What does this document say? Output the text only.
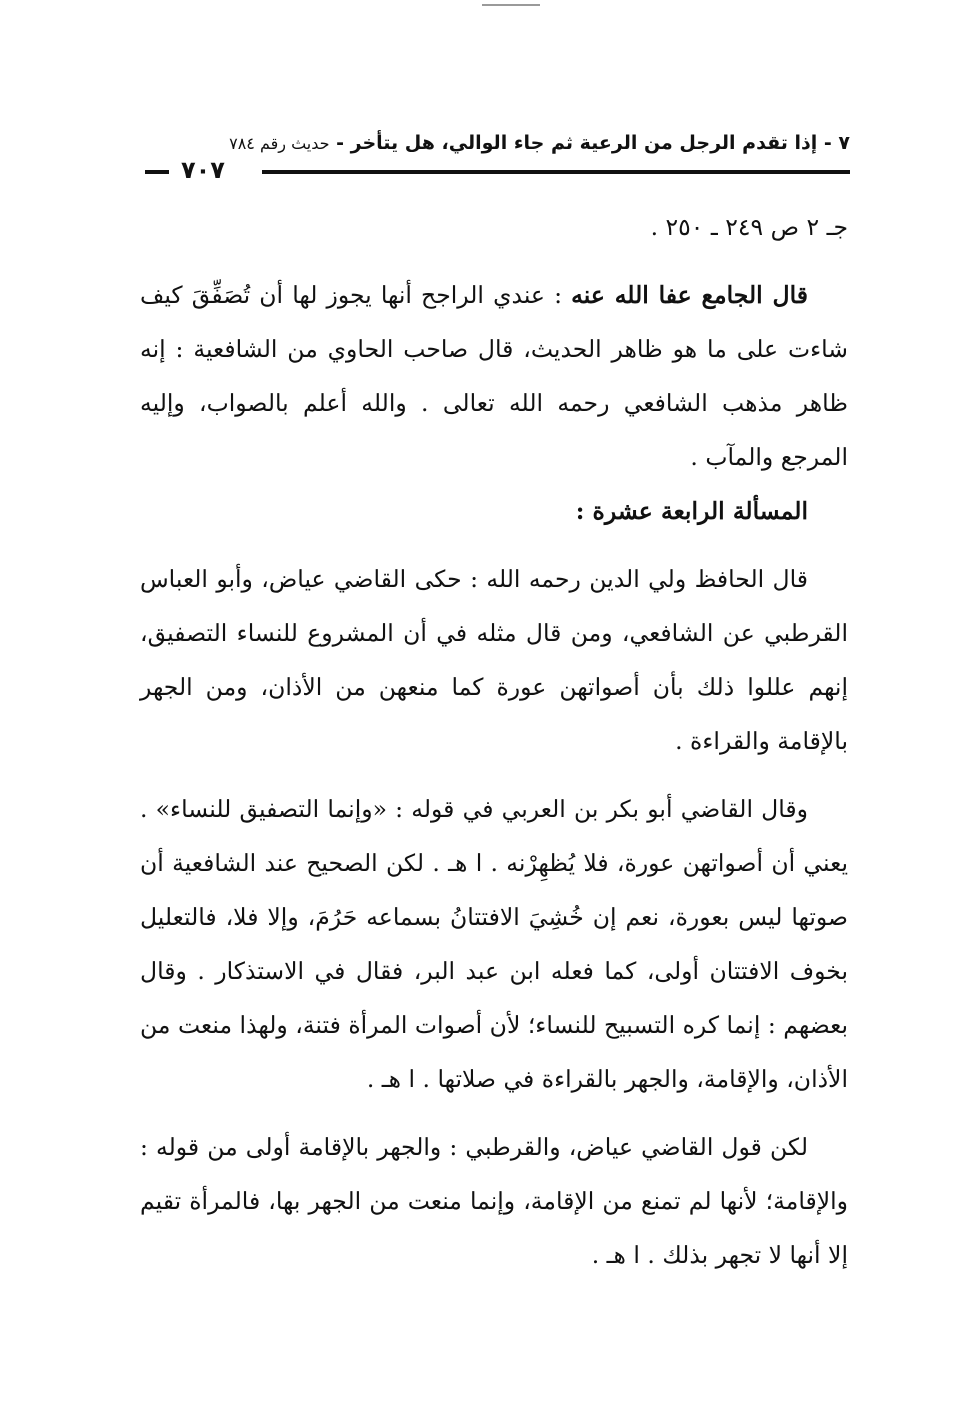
٧ - إذا تقدم الرجل من الرعية ثم جاء الوالي، هل يتأخر - حديث رقم ٧٨٤
٧٠٧

جـ ٢ ص ٢٤٩ ـ ٢٥٠ .

قال الجامع عفا الله عنه : عندي الراجح أنها يجوز لها أن تُصَفِّقَ كيف شاءت على ما هو ظاهر الحديث، قال صاحب الحاوي من الشافعية : إنه ظاهر مذهب الشافعي رحمه الله تعالى . والله أعلم بالصواب، وإليه المرجع والمآب .

المسألة الرابعة عشرة :

قال الحافظ ولي الدين رحمه الله : حكى القاضي عياض، وأبو العباس القرطبي عن الشافعي، ومن قال مثله في أن المشروع للنساء التصفيق، إنهم عللوا ذلك بأن أصواتهن عورة كما منعهن من الأذان، ومن الجهر بالإقامة والقراءة .

وقال القاضي أبو بكر بن العربي في قوله : «وإنما التصفيق للنساء» . يعني أن أصواتهن عورة، فلا يُظهِرْنه . ا هـ . لكن الصحيح عند الشافعية أن صوتها ليس بعورة، نعم إن خُشِيَ الافتتانُ بسماعه حَرُمَ، وإلا فلا، فالتعليل بخوف الافتتان أولى، كما فعله ابن عبد البر، فقال في الاستذكار . وقال بعضهم : إنما كره التسبيح للنساء؛ لأن أصوات المرأة فتنة، ولهذا منعت من الأذان، والإقامة، والجهر بالقراءة في صلاتها . ا هـ .

لكن قول القاضي عياض، والقرطبي : والجهر بالإقامة أولى من قوله : والإقامة؛ لأنها لم تمنع من الإقامة، وإنما منعت من الجهر بها، فالمرأة تقيم إلا أنها لا تجهر بذلك . ا هـ .
